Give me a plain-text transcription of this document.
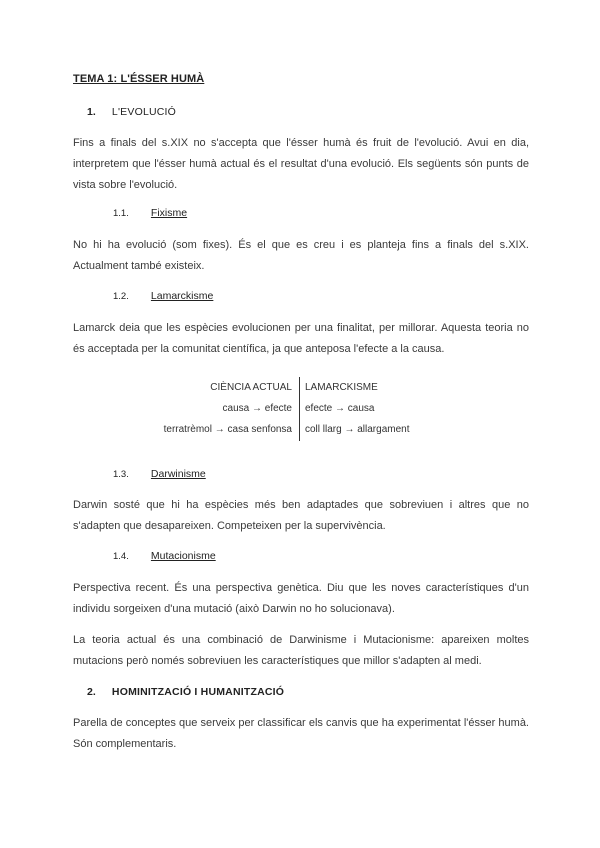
TEMA 1: L'ÉSSER HUMÀ
1. L'EVOLUCIÓ

Fins a finals del s.XIX no s'accepta que l'ésser humà és fruit de l'evolució. Avui en dia, interpretem que l'ésser humà actual és el resultat d'una evolució. Els següents són punts de vista sobre l'evolució.

1.1. Fixisme

No hi ha evolució (som fixes). És el que es creu i es planteja fins a finals del s.XIX. Actualment també existeix.

1.2. Lamarckisme

Lamarck deia que les espècies evolucionen per una finalitat, per millorar. Aquesta teoria no és acceptada per la comunitat científica, ja que antepos​a l'efecte a la causa.

CIÈNCIA ACTUAL
causa → efecte
terratrèmol → casa senfonsa
LAMARCKISME
efecte → causa
coll llarg → allargament
1.3. Darwinisme

Darwin sosté que hi ha espècies més ben adaptades que sobreviuen i altres que no s'adapten que desapareixen. Competeixen per la supervivència.

1.4. Mutacionisme

Perspectiva recent. És una perspectiva genètica. Diu que les noves característiques d'un individu sorgeixen d'una mutació (això Darwin no ho solucionava).

La teoria actual és una combinació de Darwinisme i Mutacionisme: apareixen moltes mutacions però només sobreviuen les característiques que millor s'adapten al medi.

2. HOMINITZACIÓ I HUMANITZACIÓ

Parella de conceptes que serveix per classificar els canvis que ha experimentat l'ésser humà. Són complementaris.
